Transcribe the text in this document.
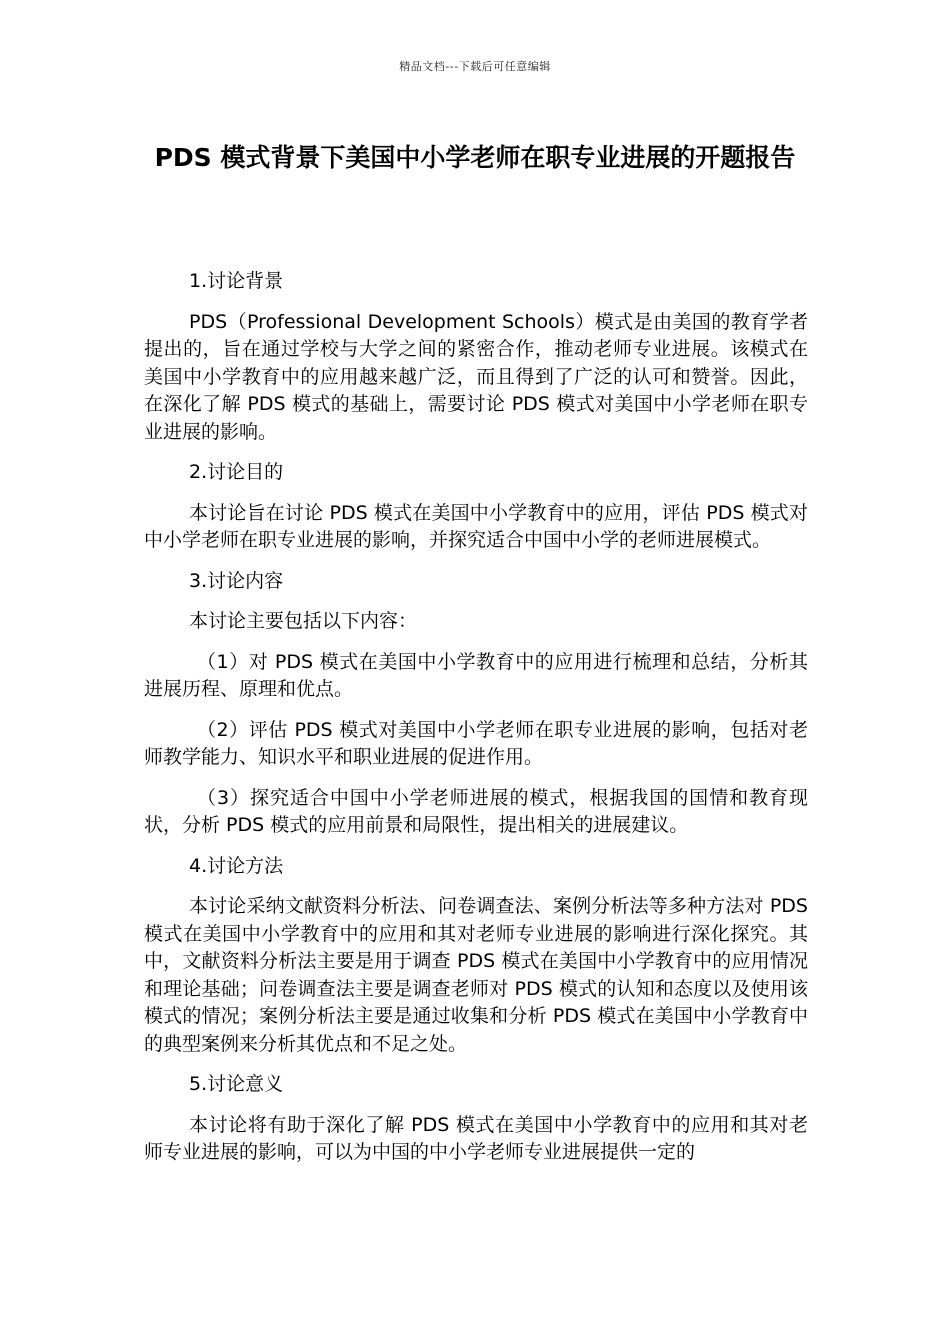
精品文档---下载后可任意编辑
PDS 模式背景下美国中小学老师在职专业进展的开题报告

1.讨论背景

PDS（Professional Development Schools）模式是由美国的教育学者提出的，旨在通过学校与大学之间的紧密合作，推动老师专业进展。该模式在美国中小学教育中的应用越来越广泛，而且得到了广泛的认可和赞誉。因此，在深化了解 PDS 模式的基础上，需要讨论 PDS 模式对美国中小学老师在职专业进展的影响。

2.讨论目的

本讨论旨在讨论 PDS 模式在美国中小学教育中的应用，评估 PDS 模式对中小学老师在职专业进展的影响，并探究适合中国中小学的老师进展模式。

3.讨论内容

本讨论主要包括以下内容：

（1）对 PDS 模式在美国中小学教育中的应用进行梳理和总结，分析其进展历程、原理和优点。

（2）评估 PDS 模式对美国中小学老师在职专业进展的影响，包括对老师教学能力、知识水平和职业进展的促进作用。

（3）探究适合中国中小学老师进展的模式，根据我国的国情和教育现状，分析 PDS 模式的应用前景和局限性，提出相关的进展建议。

4.讨论方法

本讨论采纳文献资料分析法、问卷调查法、案例分析法等多种方法对 PDS 模式在美国中小学教育中的应用和其对老师专业进展的影响进行深化探究。其中，文献资料分析法主要是用于调查 PDS 模式在美国中小学教育中的应用情况和理论基础；问卷调查法主要是调查老师对 PDS 模式的认知和态度以及使用该模式的情况；案例分析法主要是通过收集和分析 PDS 模式在美国中小学教育中的典型案例来分析其优点和不足之处。

5.讨论意义

本讨论将有助于深化了解 PDS 模式在美国中小学教育中的应用和其对老师专业进展的影响，可以为中国的中小学老师专业进展提供一定的
